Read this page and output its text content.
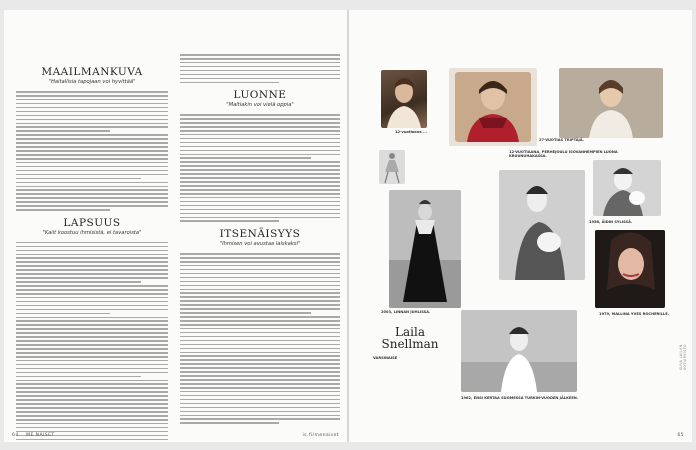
MAAILMANKUVA
"Haitallisia tapojaan voi hyvittää"
LAPSUUS
"Kaiit koostuu ihmisistä, ei tavaroista"
LUONNE
"Maltiakin voi vielä oppia"
ITSENÄISYYS
"Ihmisen voi avustaa laiskaksi"
64 ME NAISET	is.fi/menaiset
Laila
Snellman
12-vuotiaana ...
12-VUOTIAANA, PERHEJOULU ISOVANHEMPIEN LUONA KRUUNUHAKASSA.
27-VUOTIAS TRIPTÄJÄ.
1956, ÄIDIN SYLISSÄ.
2003, LINNAN JUHLISSA.	1979, MALLINA YVES ROCHERILLE.
1962, ENSI KERTAA SUOMESSA TURKIN-VUODEN JÄLKEEN.
VARSINAISE	KUVA LAILAN KOTIARKISTO
65
